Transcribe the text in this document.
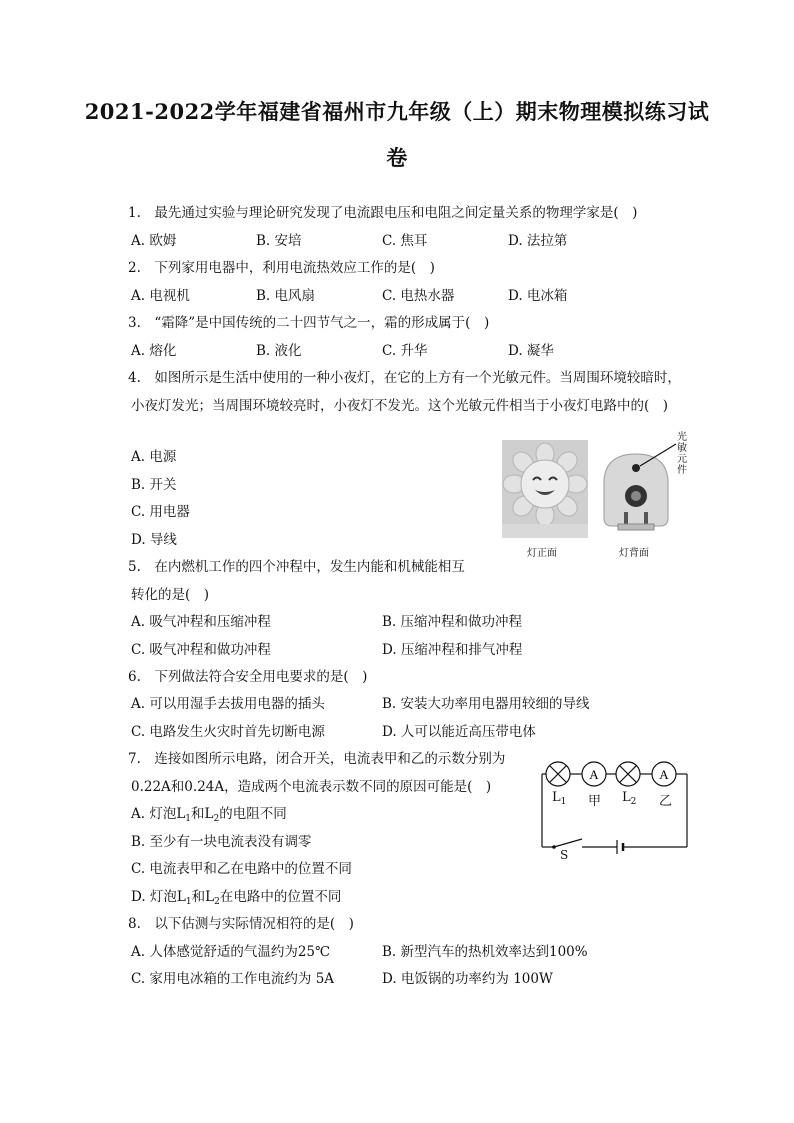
2021-2022学年福建省福州市九年级（上）期末物理模拟练习试
卷
1.　最先通过实验与理论研究发现了电流跟电压和电阻之间定量关系的物理学家是(　)
A. 欧姆	B. 安培	C. 焦耳	D. 法拉第
2.　下列家用电器中，利用电流热效应工作的是(　)
A. 电视机	B. 电风扇	C. 电热水器	D. 电冰箱
3.　“霜降”是中国传统的二十四节气之一，霜的形成属于(　)
A. 熔化	B. 液化	C. 升华	D. 凝华
4.　如图所示是生活中使用的一种小夜灯，在它的上方有一个光敏元件。当周围环境较暗时，
小夜灯发光；当周围环境较亮时，小夜灯不发光。这个光敏元件相当于小夜灯电路中的(　)
A. 电源
B. 开关
C. 用电器
D. 导线
灯正面
光
敏
元
件
灯背面
5.　在内燃机工作的四个冲程中，发生内能和机械能相互
转化的是(　)
A. 吸气冲程和压缩冲程	B. 压缩冲程和做功冲程
C. 吸气冲程和做功冲程	D. 压缩冲程和排气冲程
6.　下列做法符合安全用电要求的是(　)
A. 可以用湿手去拔用电器的插头	B. 安装大功率用电器用较细的导线
C. 电路发生火灾时首先切断电源	D. 人可以能近高压带电体
7.　连接如图所示电路，闭合开关，电流表甲和乙的示数分别为
0.22A和0.24A，造成两个电流表示数不同的原因可能是(　)
A. 灯泡$L_1$和$L_2$的电阻不同
B. 至少有一块电流表没有调零
C. 电流表甲和乙在电路中的位置不同
D. 灯泡$L_1$和$L_2$在电路中的位置不同
A	A
$L_1$ 甲 $L_2$ 乙
S
8.　以下估测与实际情况相符的是(　)
A. 人体感觉舒适的气温约为25℃	B. 新型汽车的热机效率达到100%
C. 家用电冰箱的工作电流约为 5A	D. 电饭锅的功率约为 100W
